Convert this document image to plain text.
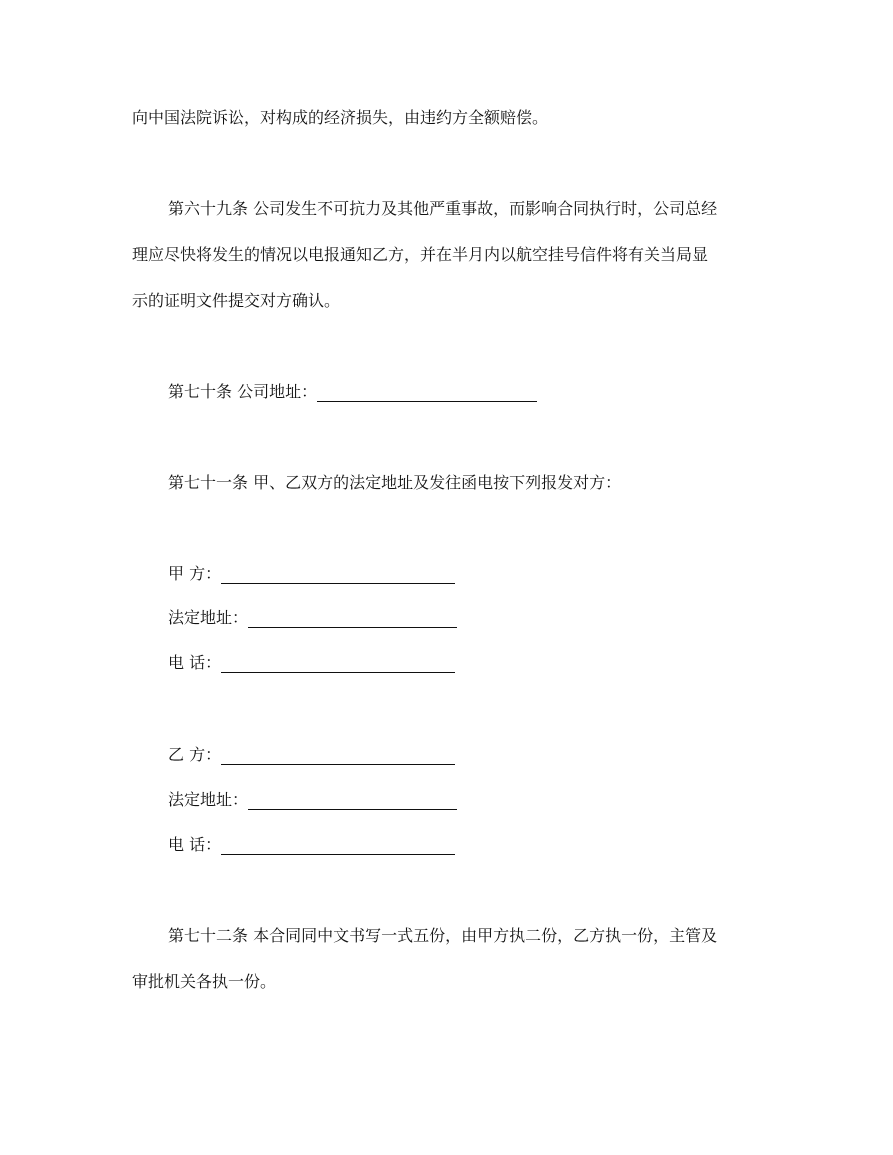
向中国法院诉讼，对构成的经济损失，由违约方全额赔偿。
第六十九条 公司发生不可抗力及其他严重事故，而影响合同执行时，公司总经
理应尽快将发生的情况以电报通知乙方，并在半月内以航空挂号信件将有关当局显
示的证明文件提交对方确认。
第七十条 公司地址：
第七十一条 甲、乙双方的法定地址及发往函电按下列报发对方：
甲 方：
法定地址：
电 话：
乙 方：
法定地址：
电 话：
第七十二条 本合同同中文书写一式五份，由甲方执二份，乙方执一份，主管及
审批机关各执一份。
